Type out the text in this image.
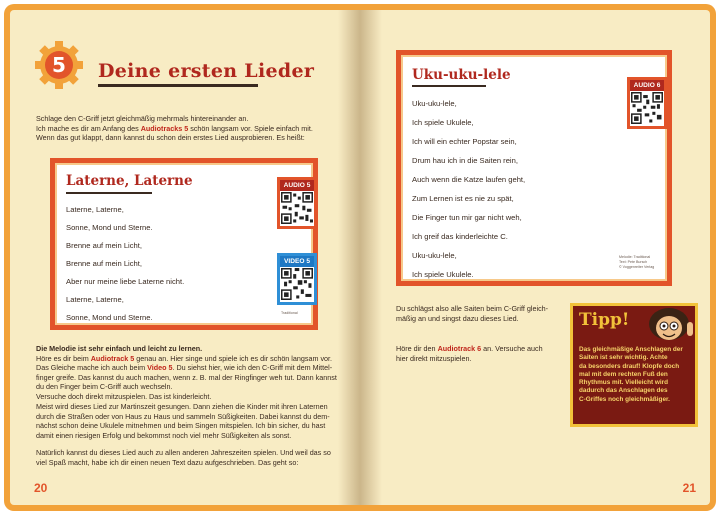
5 Deine ersten Lieder
Schlage den C-Griff jetzt gleichmäßig mehrmals hintereinander an.
Ich mache es dir am Anfang des Audiotracks 5 schön langsam vor. Spiele einfach mit.
Wenn das gut klappt, dann kannst du schon dein erstes Lied ausprobieren. Es heißt:
Laterne, Laterne
Laterne, Laterne,
Sonne, Mond und Sterne.
Brenne auf mein Licht,
Brenne auf mein Licht,
Aber nur meine liebe Laterne nicht.
Laterne, Laterne,
Sonne, Mond und Sterne.
AUDIO 5
VIDEO 5
Traditional
Die Melodie ist sehr einfach und leicht zu lernen.
Höre es dir beim Audiotrack 5 genau an. Hier singe und spiele ich es dir schön langsam vor.
Das Gleiche mache ich auch beim Video 5. Du siehst hier, wie ich den C-Griff mit dem Mittel-
finger greife. Das kannst du auch machen, wenn z. B. mal der Ringfinger weh tut. Dann kannst
du den Finger beim C-Griff auch wechseln.
Versuche doch direkt mitzuspielen. Das ist kinderleicht.
Meist wird dieses Lied zur Martinszeit gesungen. Dann ziehen die Kinder mit ihren Laternen
durch die Straßen oder von Haus zu Haus und sammeln Süßigkeiten. Dabei kannst du dem-
nächst schon deine Ukulele mitnehmen und beim Singen mitspielen. Ich bin sicher, du hast
damit einen riesigen Erfolg und bekommst noch viel mehr Süßigkeiten als sonst.
Natürlich kannst du dieses Lied auch zu allen anderen Jahreszeiten spielen. Und weil das so
viel Spaß macht, habe ich dir einen neuen Text dazu aufgeschrieben. Das geht so:
20
Uku-uku-lele
Uku-uku-lele,
Ich spiele Ukulele,
Ich will ein echter Popstar sein,
Drum hau ich in die Saiten rein,
Auch wenn die Katze laufen geht,
Zum Lernen ist es nie zu spät,
Die Finger tun mir gar nicht weh,
Ich greif das kinderleichte C.
Uku-uku-lele,
AUDIO 6
Melodie: Traditional
Text: Pete Bursch
© Voggenreiter Verlag
Ich spiele Ukulele.
Du schlägst also alle Saiten beim C-Griff gleich-
mäßig an und singst dazu dieses Lied.
Höre dir den Audiotrack 6 an. Versuche auch
hier direkt mitzuspielen.
Tipp!
Das gleichmäßige Anschlagen der
Saiten ist sehr wichtig. Achte
da besonders drauf! Klopfe doch
mal mit dem rechten Fuß den
Rhythmus mit. Vielleicht wird
dadurch das Anschlagen des
C-Griffes noch gleichmäßiger.
21
